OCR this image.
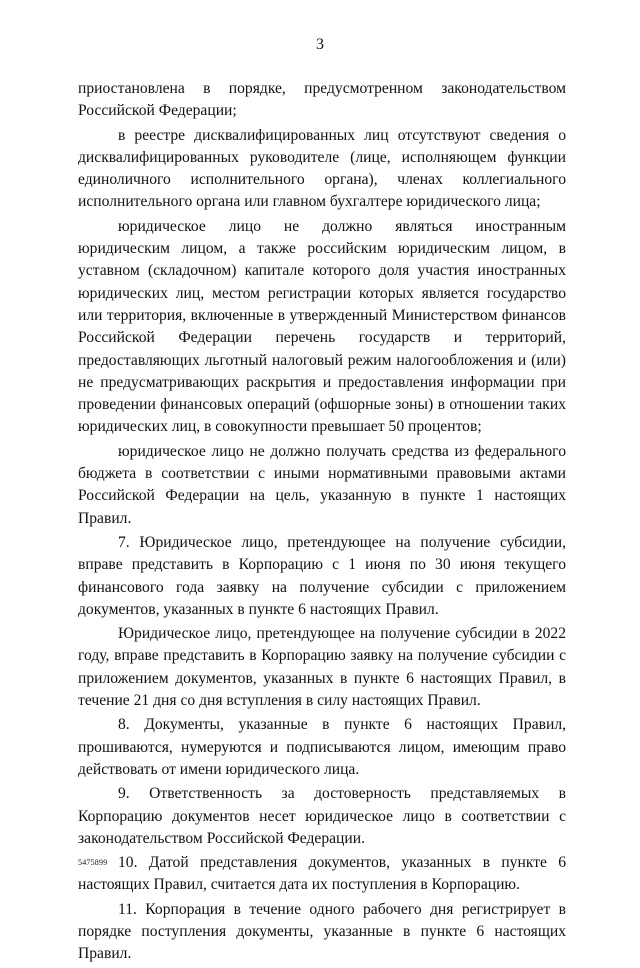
3

приостановлена в порядке, предусмотренном законодательством Российской Федерации;

в реестре дисквалифицированных лиц отсутствуют сведения о дисквалифицированных руководителе (лице, исполняющем функции единоличного исполнительного органа), членах коллегиального исполнительного органа или главном бухгалтере юридического лица;

юридическое лицо не должно являться иностранным юридическим лицом, а также российским юридическим лицом, в уставном (складочном) капитале которого доля участия иностранных юридических лиц, местом регистрации которых является государство или территория, включенные в утвержденный Министерством финансов Российской Федерации перечень государств и территорий, предоставляющих льготный налоговый режим налогообложения и (или) не предусматривающих раскрытия и предоставления информации при проведении финансовых операций (офшорные зоны) в отношении таких юридических лиц, в совокупности превышает 50 процентов;

юридическое лицо не должно получать средства из федерального бюджета в соответствии с иными нормативными правовыми актами Российской Федерации на цель, указанную в пункте 1 настоящих Правил.

7. Юридическое лицо, претендующее на получение субсидии, вправе представить в Корпорацию с 1 июня по 30 июня текущего финансового года заявку на получение субсидии с приложением документов, указанных в пункте 6 настоящих Правил.

Юридическое лицо, претендующее на получение субсидии в 2022 году, вправе представить в Корпорацию заявку на получение субсидии с приложением документов, указанных в пункте 6 настоящих Правил, в течение 21 дня со дня вступления в силу настоящих Правил.

8. Документы, указанные в пункте 6 настоящих Правил, прошиваются, нумеруются и подписываются лицом, имеющим право действовать от имени юридического лица.

9. Ответственность за достоверность представляемых в Корпорацию документов несет юридическое лицо в соответствии с законодательством Российской Федерации.

10. Датой представления документов, указанных в пункте 6 настоящих Правил, считается дата их поступления в Корпорацию.

11. Корпорация в течение одного рабочего дня регистрирует в порядке поступления документы, указанные в пункте 6 настоящих Правил.

5475899
